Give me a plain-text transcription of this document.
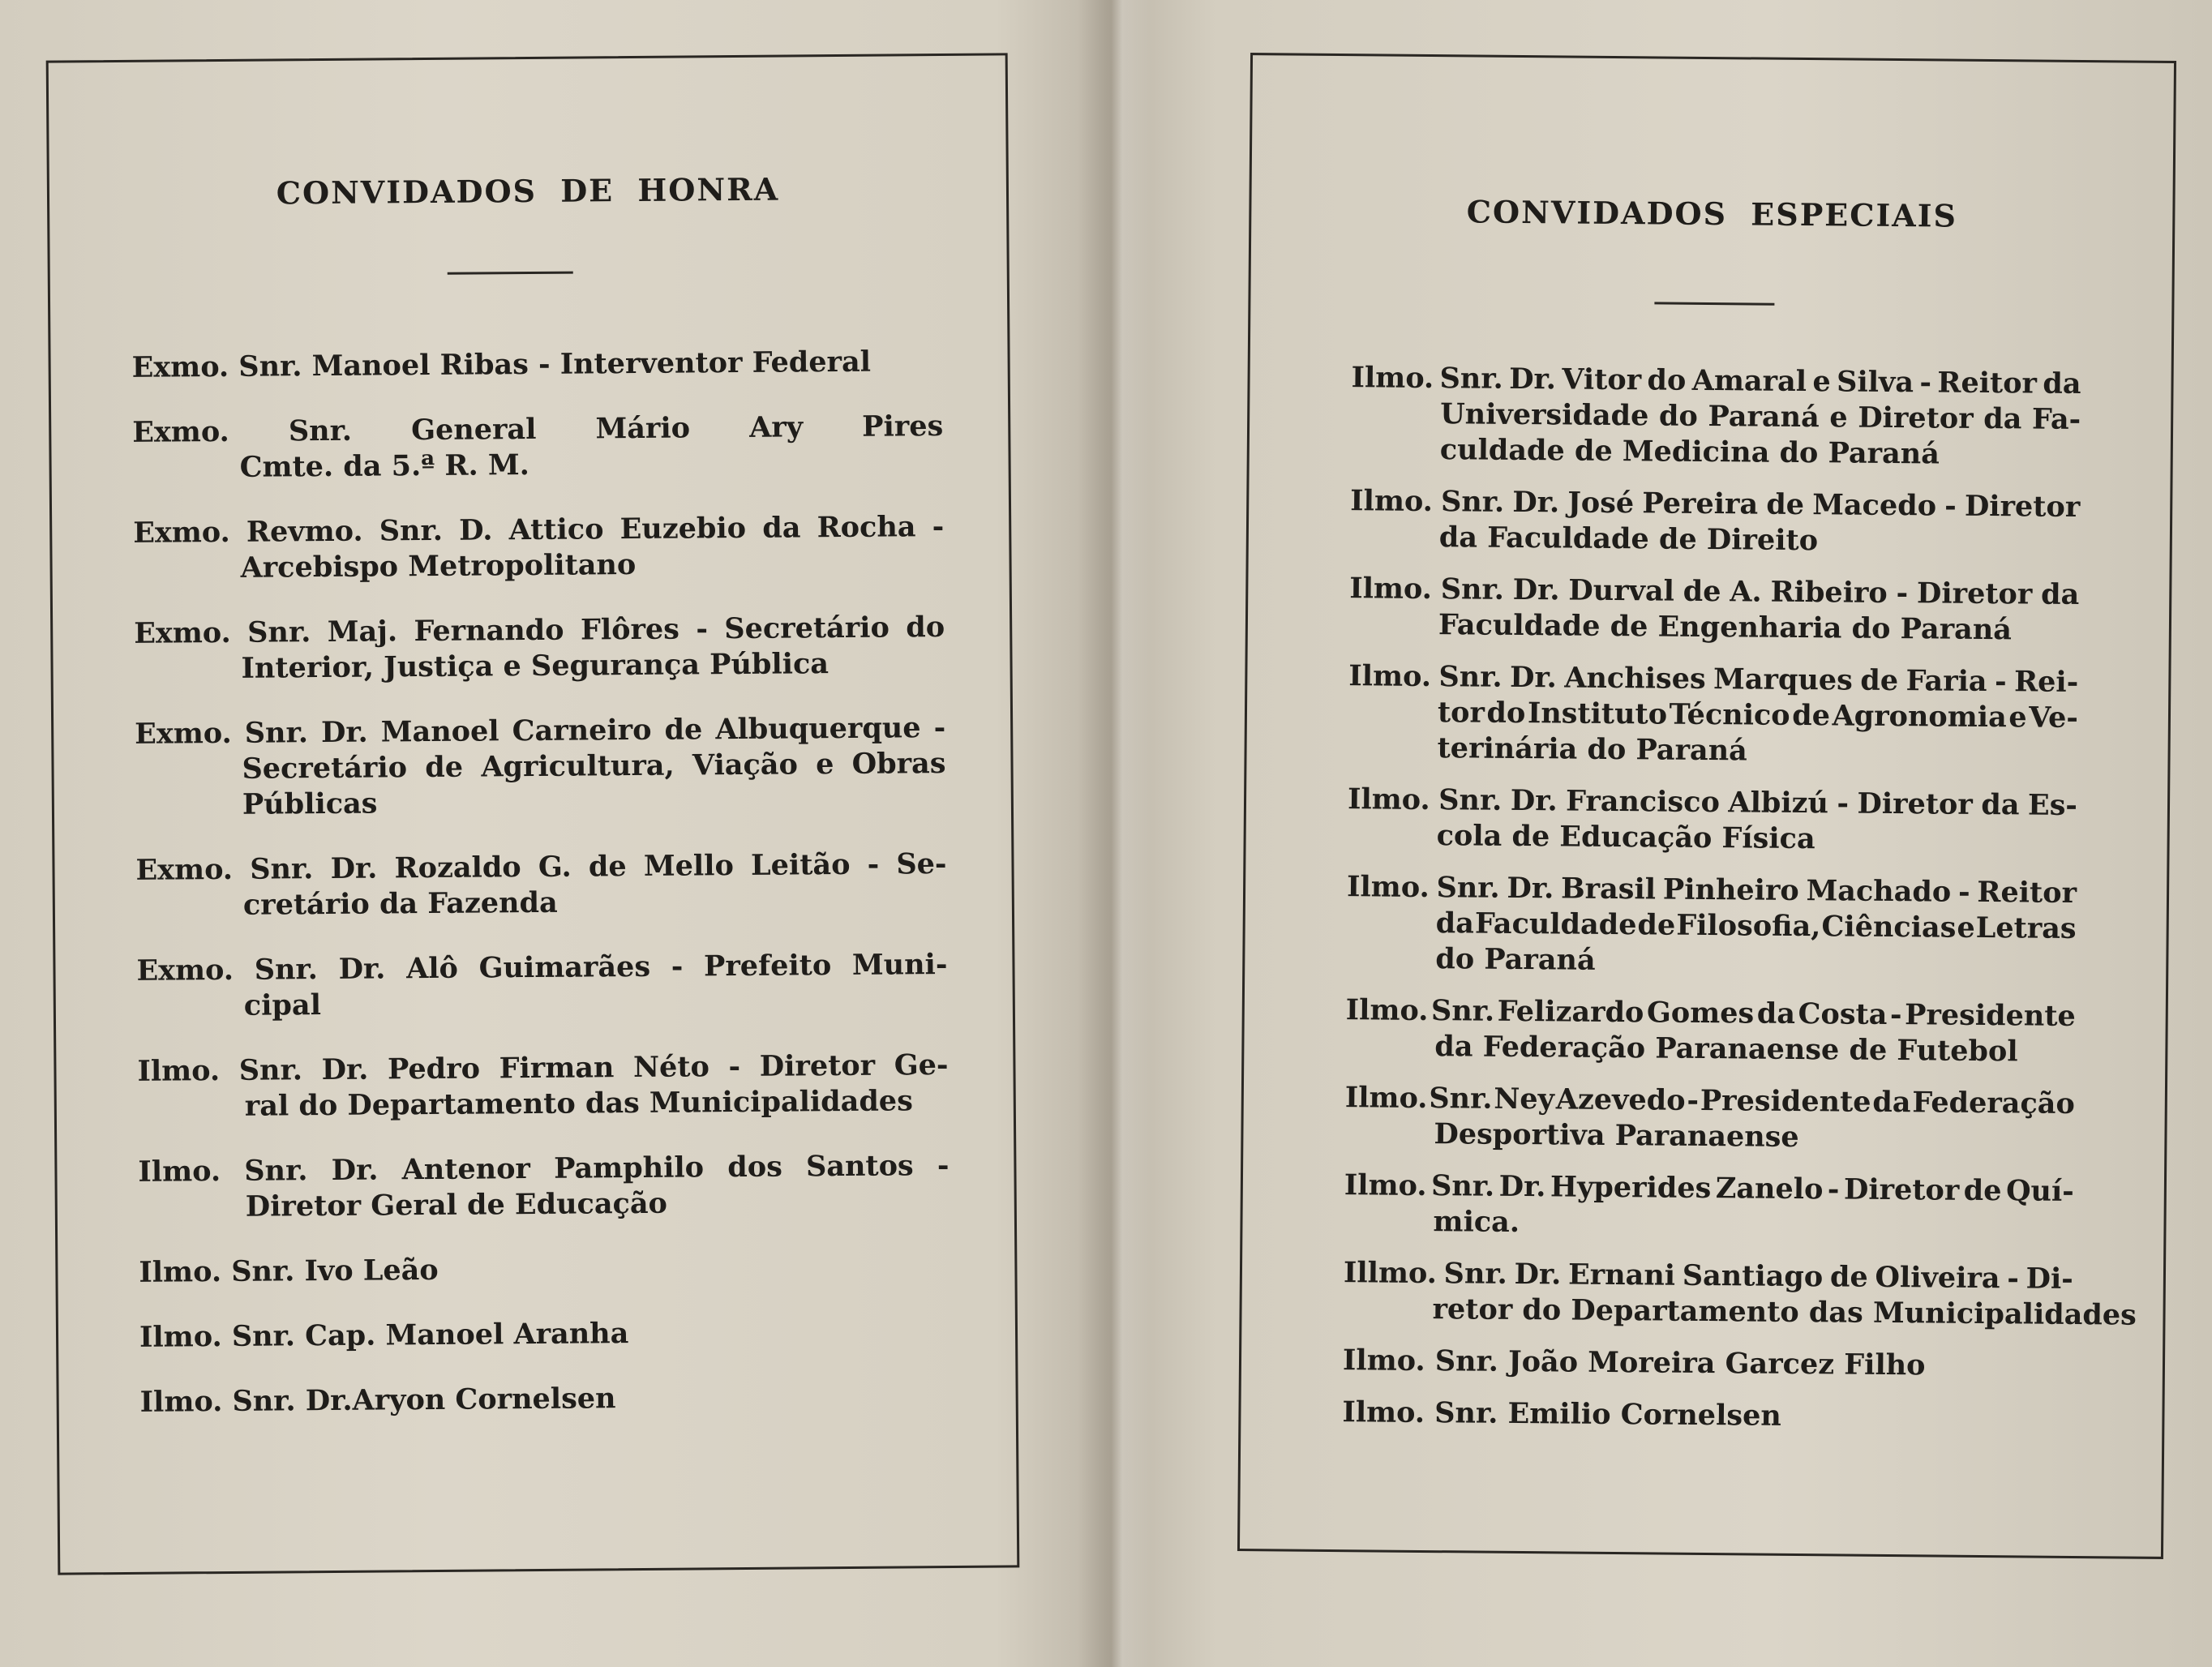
CONVIDADOS DE HONRA
Exmo. Snr. Manoel Ribas - Interventor Federal
Exmo. Snr. General Mário Ary Pires
Cmte. da 5.ª R. M.
Exmo. Revmo. Snr. D. Attico Euzebio da Rocha -
Arcebispo Metropolitano
Exmo. Snr. Maj. Fernando Flôres - Secretário do
Interior, Justiça e Segurança Pública
Exmo. Snr. Dr. Manoel Carneiro de Albuquerque -
Secretário de Agricultura, Viação e Obras
Públicas
Exmo. Snr. Dr. Rozaldo G. de Mello Leitão - Se-
cretário da Fazenda
Exmo. Snr. Dr. Alô Guimarães - Prefeito Muni-
cipal
Ilmo. Snr. Dr. Pedro Firman Néto - Diretor Ge-
ral do Departamento das Municipalidades
Ilmo. Snr. Dr. Antenor Pamphilo dos Santos -
Diretor Geral de Educação
Ilmo. Snr. Ivo Leão
Ilmo. Snr. Cap. Manoel Aranha
Ilmo. Snr. Dr.Aryon Cornelsen
CONVIDADOS ESPECIAIS
Ilmo. Snr. Dr. Vitor do Amaral e Silva - Reitor da
Universidade do Paraná e Diretor da Fa-
culdade de Medicina do Paraná
Ilmo. Snr. Dr. José Pereira de Macedo - Diretor
da Faculdade de Direito
Ilmo. Snr. Dr. Durval de A. Ribeiro - Diretor da
Faculdade de Engenharia do Paraná
Ilmo. Snr. Dr. Anchises Marques de Faria - Rei-
tor do Instituto Técnico de Agronomia e Ve-
terinária do Paraná
Ilmo. Snr. Dr. Francisco Albizú - Diretor da Es-
cola de Educação Física
Ilmo. Snr. Dr. Brasil Pinheiro Machado - Reitor
da Faculdade de Filosofia, Ciências e Letras
do Paraná
Ilmo. Snr. Felizardo Gomes da Costa - Presidente
da Federação Paranaense de Futebol
Ilmo. Snr. Ney Azevedo - Presidente da Federação
Desportiva Paranaense
Ilmo. Snr. Dr. Hyperides Zanelo - Diretor de Quí-
mica.
Illmo. Snr. Dr. Ernani Santiago de Oliveira - Di-
retor do Departamento das Municipalidades
Ilmo. Snr. João Moreira Garcez Filho
Ilmo. Snr. Emilio Cornelsen
